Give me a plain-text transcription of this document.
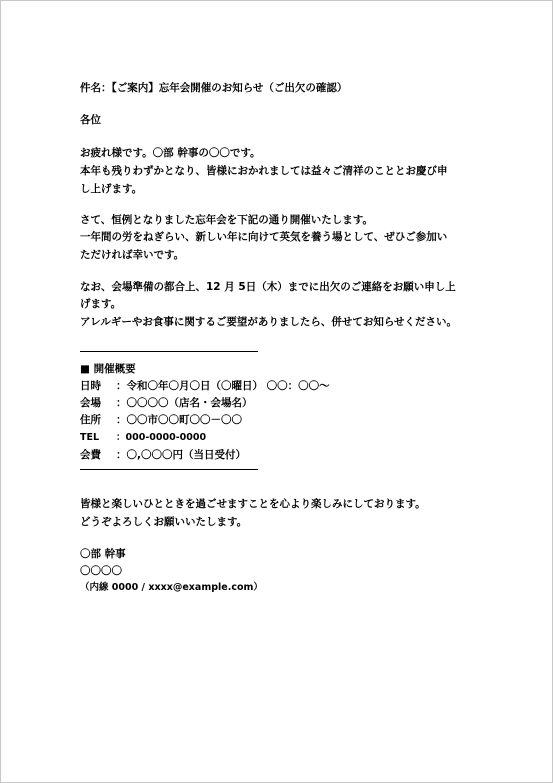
件名：【ご案内】忘年会開催のお知らせ（ご出欠の確認）
各位
お疲れ様です。〇部 幹事の〇〇です。
本年も残りわずかとなり、皆様におかれましては益々ご清祥のこととお慶び申
し上げます。
さて、恒例となりました忘年会を下記の通り開催いたします。
一年間の労をねぎらい、新しい年に向けて英気を養う場として、ぜひご参加い
ただければ幸いです。
なお、会場準備の都合上、12 月 5日（木）までに出欠のご連絡をお願い申し上
げます。
アレルギーやお食事に関するご要望がありましたら、併せてお知らせください。
■ 開催概要
日時 ：令和〇年〇月〇日（〇曜日） 〇〇：〇〇～
会場 ：〇〇〇〇（店名・会場名）
住所 ：〇〇市〇〇町〇〇－〇〇
TEL ：000-0000-0000
会費 ：〇,〇〇〇円（当日受付）
皆様と楽しいひとときを過ごせますことを心より楽しみにしております。
どうぞよろしくお願いいたします。
〇部 幹事
〇〇〇〇
（内線 0000 / xxxx@example.com）
